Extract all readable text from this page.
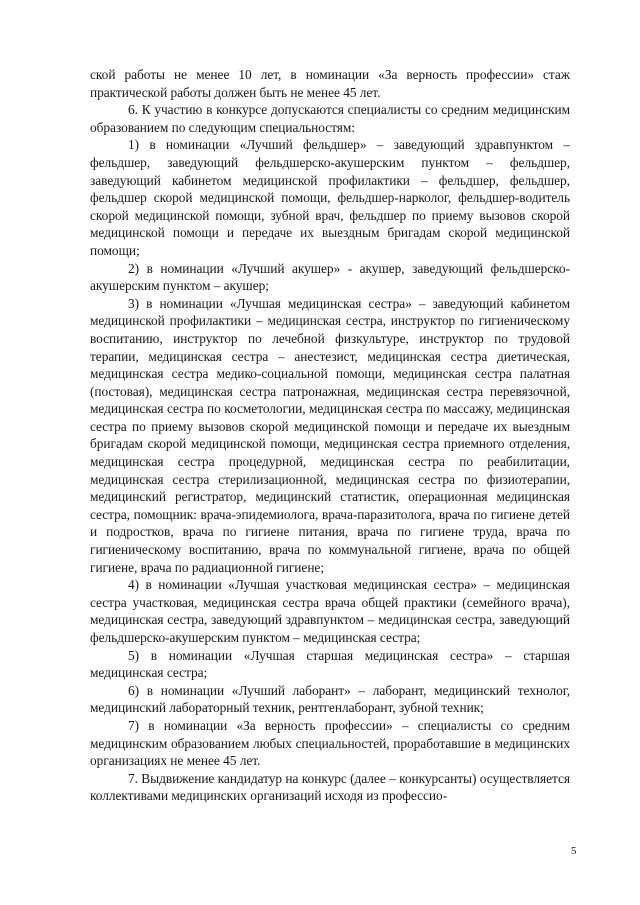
ской работы не менее 10 лет, в номинации «За верность профессии» стаж практической работы должен быть не менее 45 лет.

6. К участию в конкурсе допускаются специалисты со средним медицинским образованием по следующим специальностям:

1) в номинации «Лучший фельдшер» – заведующий здравпунктом – фельдшер, заведующий фельдшерско-акушерским пунктом – фельдшер, заведующий кабинетом медицинской профилактики – фельдшер, фельдшер, фельдшер скорой медицинской помощи, фельдшер-нарколог, фельдшер-водитель скорой медицинской помощи, зубной врач, фельдшер по приему вызовов скорой медицинской помощи и передаче их выездным бригадам скорой медицинской помощи;

2) в номинации «Лучший акушер» - акушер, заведующий фельдшерско-акушерским пунктом – акушер;

3) в номинации «Лучшая медицинская сестра» – заведующий кабинетом медицинской профилактики – медицинская сестра, инструктор по гигиеническому воспитанию, инструктор по лечебной физкультуре, инструктор по трудовой терапии, медицинская сестра – анестезист, медицинская сестра диетическая, медицинская сестра медико-социальной помощи, медицинская сестра палатная (постовая), медицинская сестра патронажная, медицинская сестра перевязочной, медицинская сестра по косметологии, медицинская сестра по массажу, медицинская сестра по приему вызовов скорой медицинской помощи и передаче их выездным бригадам скорой медицинской помощи, медицинская сестра приемного отделения, медицинская сестра процедурной, медицинская сестра по реабилитации, медицинская сестра стерилизационной, медицинская сестра по физиотерапии, медицинский регистратор, медицинский статистик, операционная медицинская сестра, помощник: врача-эпидемиолога, врача-паразитолога, врача по гигиене детей и подростков, врача по гигиене питания, врача по гигиене труда, врача по гигиеническому воспитанию, врача по коммунальной гигиене, врача по общей гигиене, врача по радиационной гигиене;

4) в номинации «Лучшая участковая медицинская сестра» – медицинская сестра участковая, медицинская сестра врача общей практики (семейного врача), медицинская сестра, заведующий здравпунктом – медицинская сестра, заведующий фельдшерско-акушерским пунктом – медицинская сестра;

5) в номинации «Лучшая старшая медицинская сестра» – старшая медицинская сестра;

6) в номинации «Лучший лаборант» – лаборант, медицинский технолог, медицинский лабораторный техник, рентгенлаборант, зубной техник;

7) в номинации «За верность профессии» – специалисты со средним медицинским образованием любых специальностей, проработавшие в медицинских организациях не менее 45 лет.

7. Выдвижение кандидатур на конкурс (далее – конкурсанты) осуществляется коллективами медицинских организаций исходя из профессио-

5
